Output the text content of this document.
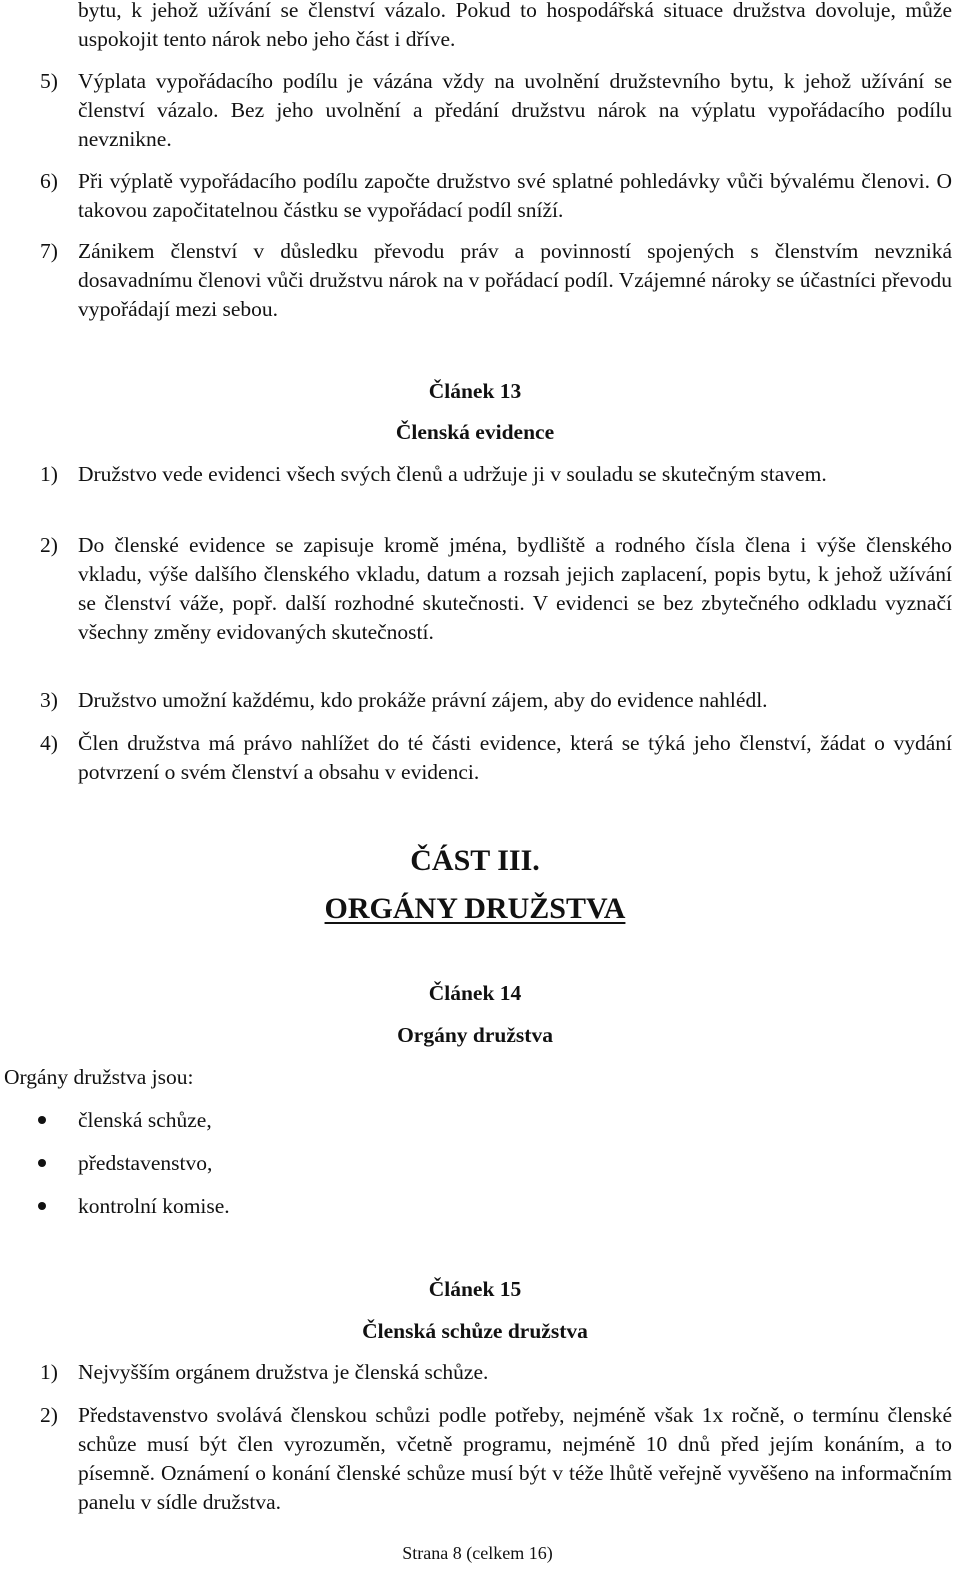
bytu, k jehož užívání se členství vázalo. Pokud to hospodářská situace družstva dovoluje, může uspokojit tento nárok nebo jeho část i dříve.
5) Výplata vypořádacího podílu je vázána vždy na uvolnění družstevního bytu, k jehož užívání se členství vázalo. Bez jeho uvolnění a předání družstvu nárok na výplatu vypořádacího podílu nevznikne.
6) Při výplatě vypořádacího podílu započte družstvo své splatné pohledávky vůči bývalému členovi. O takovou započitatelnou částku se vypořádací podíl sníží.
7) Zánikem členství v důsledku převodu práv a povinností spojených s členstvím nevzniká dosavadnímu členovi vůči družstvu nárok na v pořádací podíl. Vzájemné nároky se účastníci převodu vypořádají mezi sebou.
Článek 13
Členská evidence
1) Družstvo vede evidenci všech svých členů a udržuje ji v souladu se skutečným stavem.
2) Do členské evidence se zapisuje kromě jména, bydliště a rodného čísla člena i výše členského vkladu, výše dalšího členského vkladu, datum a rozsah jejich zaplacení, popis bytu, k jehož užívání se členství váže, popř. další rozhodné skutečnosti. V evidenci se bez zbytečného odkladu vyznačí všechny změny evidovaných skutečností.
3) Družstvo umožní každému, kdo prokáže právní zájem, aby do evidence nahlédl.
4) Člen družstva má právo nahlížet do té části evidence, která se týká jeho členství, žádat o vydání potvrzení o svém členství a obsahu v evidenci.
ČÁST III.
ORGÁNY DRUŽSTVA
Článek 14
Orgány družstva
Orgány družstva jsou:
členská schůze,
představenstvo,
kontrolní komise.
Článek 15
Členská schůze družstva
1) Nejvyšším orgánem družstva je členská schůze.
2) Představenstvo svolává členskou schůzi podle potřeby, nejméně však 1x ročně, o termínu členské schůze musí být člen vyrozuměn, včetně programu, nejméně 10 dnů před jejím konáním, a to písemně. Oznámení o konání členské schůze musí být v téže lhůtě veřejně vyvěšeno na informačním panelu v sídle družstva.
Strana 8 (celkem 16)
